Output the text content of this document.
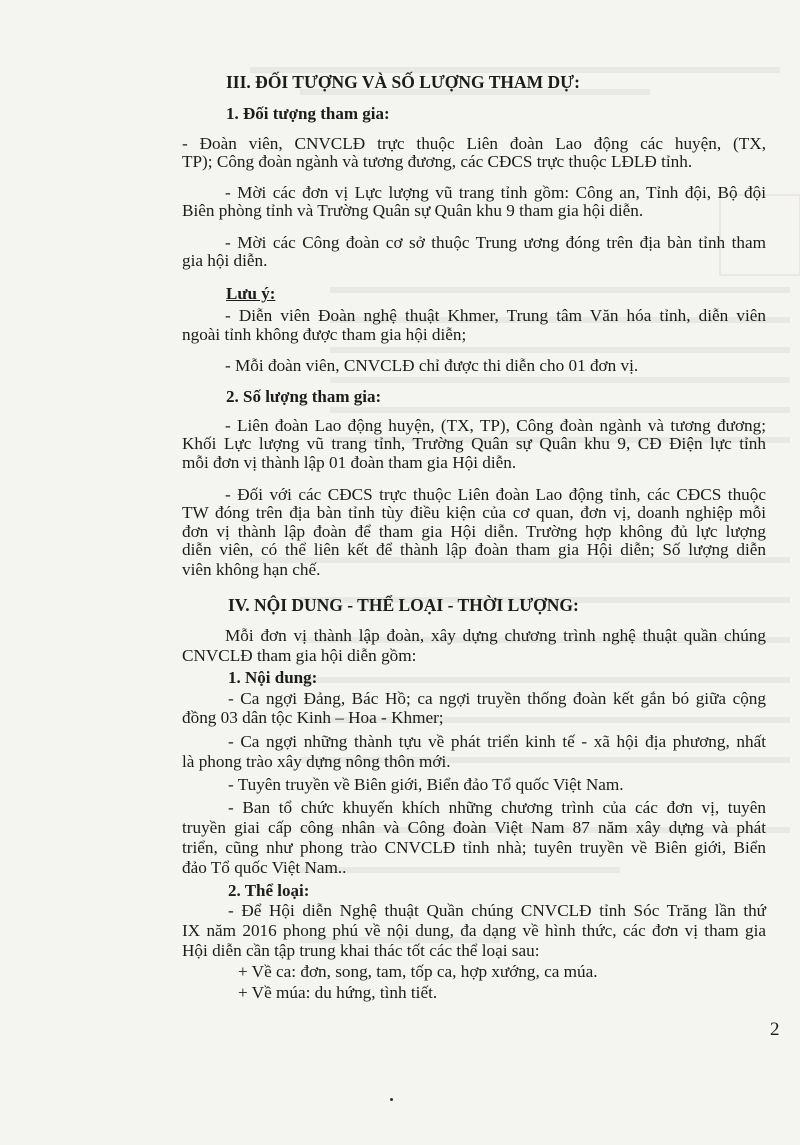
III. ĐỐI TƯỢNG VÀ SỐ LƯỢNG THAM DỰ:
1. Đối tượng tham gia:
- Đoàn viên, CNVCLĐ trực thuộc Liên đoàn Lao động các huyện, (TX,
TP); Công đoàn ngành và tương đương, các CĐCS trực thuộc LĐLĐ tỉnh.
- Mời các đơn vị Lực lượng vũ trang tỉnh gồm: Công an, Tỉnh đội, Bộ đội
Biên phòng tỉnh và Trường Quân sự Quân khu 9 tham gia hội diễn.
- Mời các Công đoàn cơ sở thuộc Trung ương đóng trên địa bàn tỉnh tham
gia hội diễn.
Lưu ý:
- Diễn viên Đoàn nghệ thuật Khmer, Trung tâm Văn hóa tỉnh, diễn viên
ngoài tỉnh không được tham gia hội diễn;
- Mỗi đoàn viên, CNVCLĐ chỉ được thi diễn cho 01 đơn vị.
2. Số lượng tham gia:
- Liên đoàn Lao động huyện, (TX, TP), Công đoàn ngành và tương đương;
Khối Lực lượng vũ trang tỉnh, Trường Quân sự Quân khu 9, CĐ Điện lực tỉnh
mỗi đơn vị thành lập 01 đoàn tham gia Hội diễn.
- Đối với các CĐCS trực thuộc Liên đoàn Lao động tỉnh, các CĐCS thuộc
TW đóng trên địa bàn tỉnh tùy điều kiện của cơ quan, đơn vị, doanh nghiệp mỗi
đơn vị thành lập đoàn để tham gia Hội diễn. Trường hợp không đủ lực lượng
diễn viên, có thể liên kết để thành lập đoàn tham gia Hội diễn; Số lượng diễn
viên không hạn chế.
IV. NỘI DUNG - THỂ LOẠI - THỜI LƯỢNG:
Mỗi đơn vị thành lập đoàn, xây dựng chương trình nghệ thuật quần chúng
CNVCLĐ tham gia hội diễn gồm:
1. Nội dung:
- Ca ngợi Đảng, Bác Hồ; ca ngợi truyền thống đoàn kết gắn bó giữa cộng
đồng 03 dân tộc Kinh – Hoa - Khmer;
- Ca ngợi những thành tựu về phát triển kinh tế - xã hội địa phương, nhất
là phong trào xây dựng nông thôn mới.
- Tuyên truyền về Biên giới, Biển đảo Tổ quốc Việt Nam.
- Ban tổ chức khuyến khích những chương trình của các đơn vị, tuyên
truyền giai cấp công nhân và Công đoàn Việt Nam 87 năm xây dựng và phát
triển, cũng như phong trào CNVCLĐ tỉnh nhà; tuyên truyền về Biên giới, Biển
đảo Tổ quốc Việt Nam..
2. Thể loại:
- Để Hội diễn Nghệ thuật Quần chúng CNVCLĐ tỉnh Sóc Trăng lần thứ
IX năm 2016 phong phú về nội dung, đa dạng về hình thức, các đơn vị tham gia
Hội diễn cần tập trung khai thác tốt các thể loại sau:
+ Về ca: đơn, song, tam, tốp ca, hợp xướng, ca múa.
+ Về múa: du hứng, tình tiết.
2
